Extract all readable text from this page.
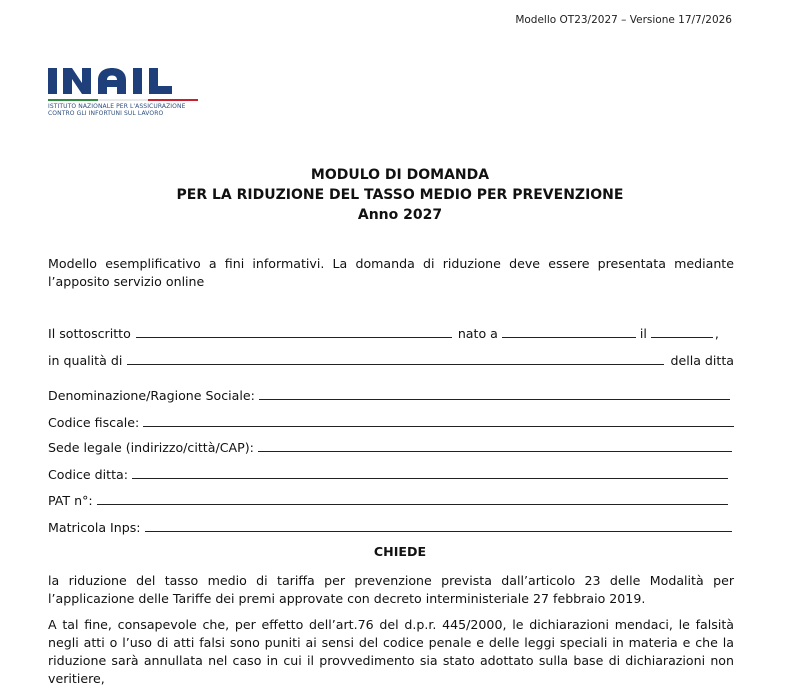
Modello OT23/2027 – Versione 17/7/2026
ISTITUTO NAZIONALE PER L'ASSICURAZIONE
CONTRO GLI INFORTUNI SUL LAVORO
MODULO DI DOMANDA
PER LA RIDUZIONE DEL TASSO MEDIO PER PREVENZIONE
Anno 2027
Modello esemplificativo a fini informativi. La domanda di riduzione deve essere presentata mediante l’apposito servizio online
Il sottoscritto	nato a	il	,
in qualità di	della ditta
Denominazione/Ragione Sociale:
Codice fiscale:
Sede legale (indirizzo/città/CAP):
Codice ditta:
PAT n°:
Matricola Inps:
CHIEDE
la riduzione del tasso medio di tariffa per prevenzione prevista dall’articolo 23 delle Modalità per l’applicazione delle Tariffe dei premi approvate con decreto interministeriale 27 febbraio 2019.
A tal fine, consapevole che, per effetto dell’art.76 del d.p.r. 445/2000, le dichiarazioni mendaci, le falsità negli atti o l’uso di atti falsi sono puniti ai sensi del codice penale e delle leggi speciali in materia e che la riduzione sarà annullata nel caso in cui il provvedimento sia stato adottato sulla base di dichiarazioni non veritiere,
